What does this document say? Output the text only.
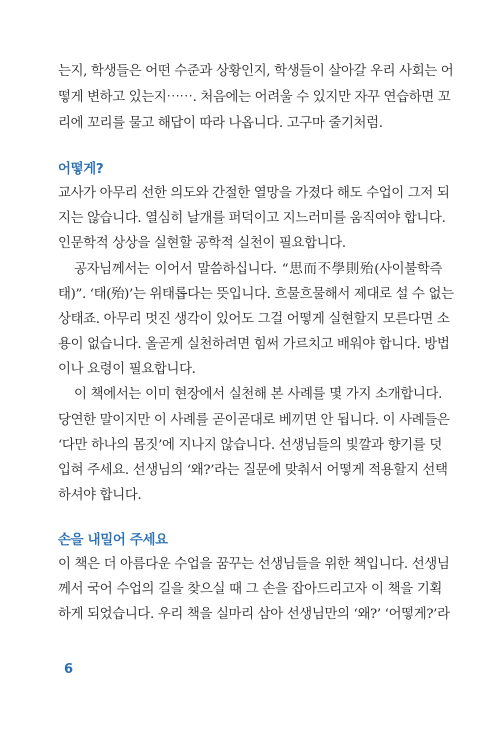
는지, 학생들은 어떤 수준과 상황인지, 학생들이 살아갈 우리 사회는 어
떻게 변하고 있는지⋯⋯. 처음에는 어려울 수 있지만 자꾸 연습하면 꼬
리에 꼬리를 물고 해답이 따라 나옵니다. 고구마 줄기처럼.
어떻게?
교사가 아무리 선한 의도와 간절한 열망을 가졌다 해도 수업이 그저 되
지는 않습니다. 열심히 날개를 퍼덕이고 지느러미를 움직여야 합니다.
인문학적 상상을 실현할 공학적 실천이 필요합니다.
공자님께서는 이어서 말씀하십니다. “思而不學則殆(사이불학즉
태)”. ‘태(殆)’는 위태롭다는 뜻입니다. 흐물흐물해서 제대로 설 수 없는
상태죠. 아무리 멋진 생각이 있어도 그걸 어떻게 실현할지 모른다면 소
용이 없습니다. 올곧게 실천하려면 힘써 가르치고 배워야 합니다. 방법
이나 요령이 필요합니다.
이 책에서는 이미 현장에서 실천해 본 사례를 몇 가지 소개합니다.
당연한 말이지만 이 사례를 곧이곧대로 베끼면 안 됩니다. 이 사례들은
‘다만 하나의 몸짓’에 지나지 않습니다. 선생님들의 빛깔과 향기를 덧
입혀 주세요. 선생님의 ‘왜?’라는 질문에 맞춰서 어떻게 적용할지 선택
하셔야 합니다.
손을 내밀어 주세요
이 책은 더 아름다운 수업을 꿈꾸는 선생님들을 위한 책입니다. 선생님
께서 국어 수업의 길을 찾으실 때 그 손을 잡아드리고자 이 책을 기획
하게 되었습니다. 우리 책을 실마리 삼아 선생님만의 ‘왜?’ ‘어떻게?’라
6
